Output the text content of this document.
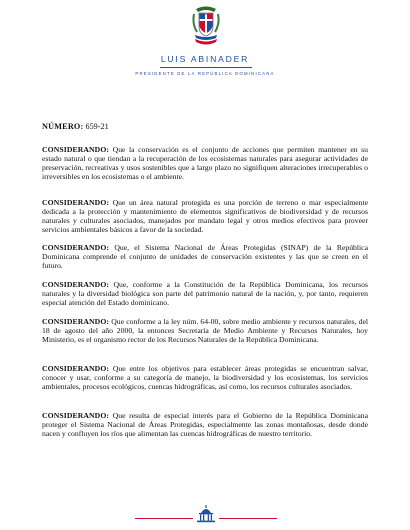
LUIS ABINADER
PRESIDENTE DE LA REPÚBLICA DOMINICANA
NÚMERO: 659-21
CONSIDERANDO: Que la conservación es el conjunto de acciones que permiten mantener en su estado natural o que tiendan a la recuperación de los ecosistemas naturales para asegurar actividades de preservación, recreativas y usos sostenibles que a largo plazo no signifiquen alteraciones irrecuperables o irreversibles en los ecosistemas o el ambiente.
CONSIDERANDO: Que un área natural protegida es una porción de terreno o mar especialmente dedicada a la protección y mantenimiento de elementos significativos de biodiversidad y de recursos naturales y culturales asociados, manejados por mandato legal y otros medios efectivos para proveer servicios ambientales básicos a favor de la sociedad.
CONSIDERANDO: Que, el Sistema Nacional de Áreas Protegidas (SINAP) de la República Dominicana comprende el conjunto de unidades de conservación existentes y las que se creen en el futuro.
CONSIDERANDO: Que, conforme a la Constitución de la República Dominicana, los recursos naturales y la diversidad biológica son parte del patrimonio natural de la nación, y, por tanto, requieren especial atención del Estado dominicano.
CONSIDERANDO: Que conforme a la ley núm. 64-00, sobre medio ambiente y recursos naturales, del 18 de agosto del año 2000, la entonces Secretaría de Medio Ambiente y Recursos Naturales, hoy Ministerio, es el organismo rector de los Recursos Naturales de la República Dominicana.
CONSIDERANDO: Que entre los objetivos para establecer áreas protegidas se encuentran salvar, conocer y usar, conforme a su categoría de manejo, la biodiversidad y los ecosistemas, los servicios ambientales, procesos ecológicos, cuencas hidrográficas, así como, los recursos culturales asociados.
CONSIDERANDO: Que resulta de especial interés para el Gobierno de la República Dominicana proteger el Sistema Nacional de Áreas Protegidas, especialmente las zonas montañosas, desde donde nacen y confluyen los ríos que alimentan las cuencas hidrográficas de nuestro territorio.
